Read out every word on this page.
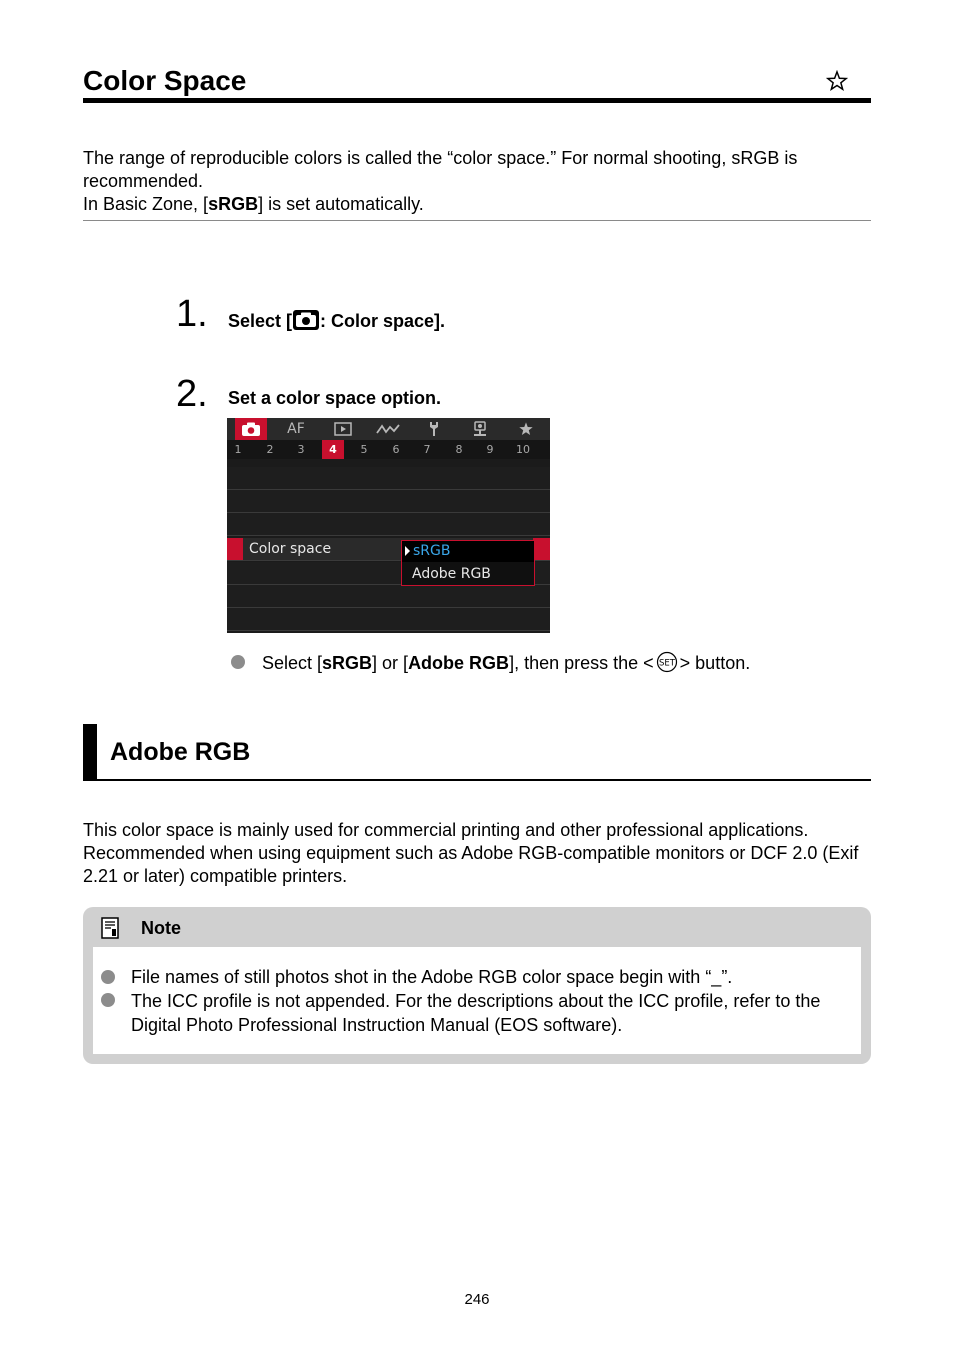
Color Space
The range of reproducible colors is called the “color space.” For normal shooting, sRGB is recommended.
In Basic Zone, [sRGB] is set automatically.
1. Select [ : Color space].
2. Set a color space option.
AF
1	2	3	4	5	6	7	8	9	10
Color space	sRGB
Adobe RGB
Select [sRGB] or [Adobe RGB], then press the < SET > button.
Adobe RGB
This color space is mainly used for commercial printing and other professional applications. Recommended when using equipment such as Adobe RGB-compatible monitors or DCF 2.0 (Exif 2.21 or later) compatible printers.
Note
File names of still photos shot in the Adobe RGB color space begin with “_”.
The ICC profile is not appended. For the descriptions about the ICC profile, refer to the Digital Photo Professional Instruction Manual (EOS software).
246
